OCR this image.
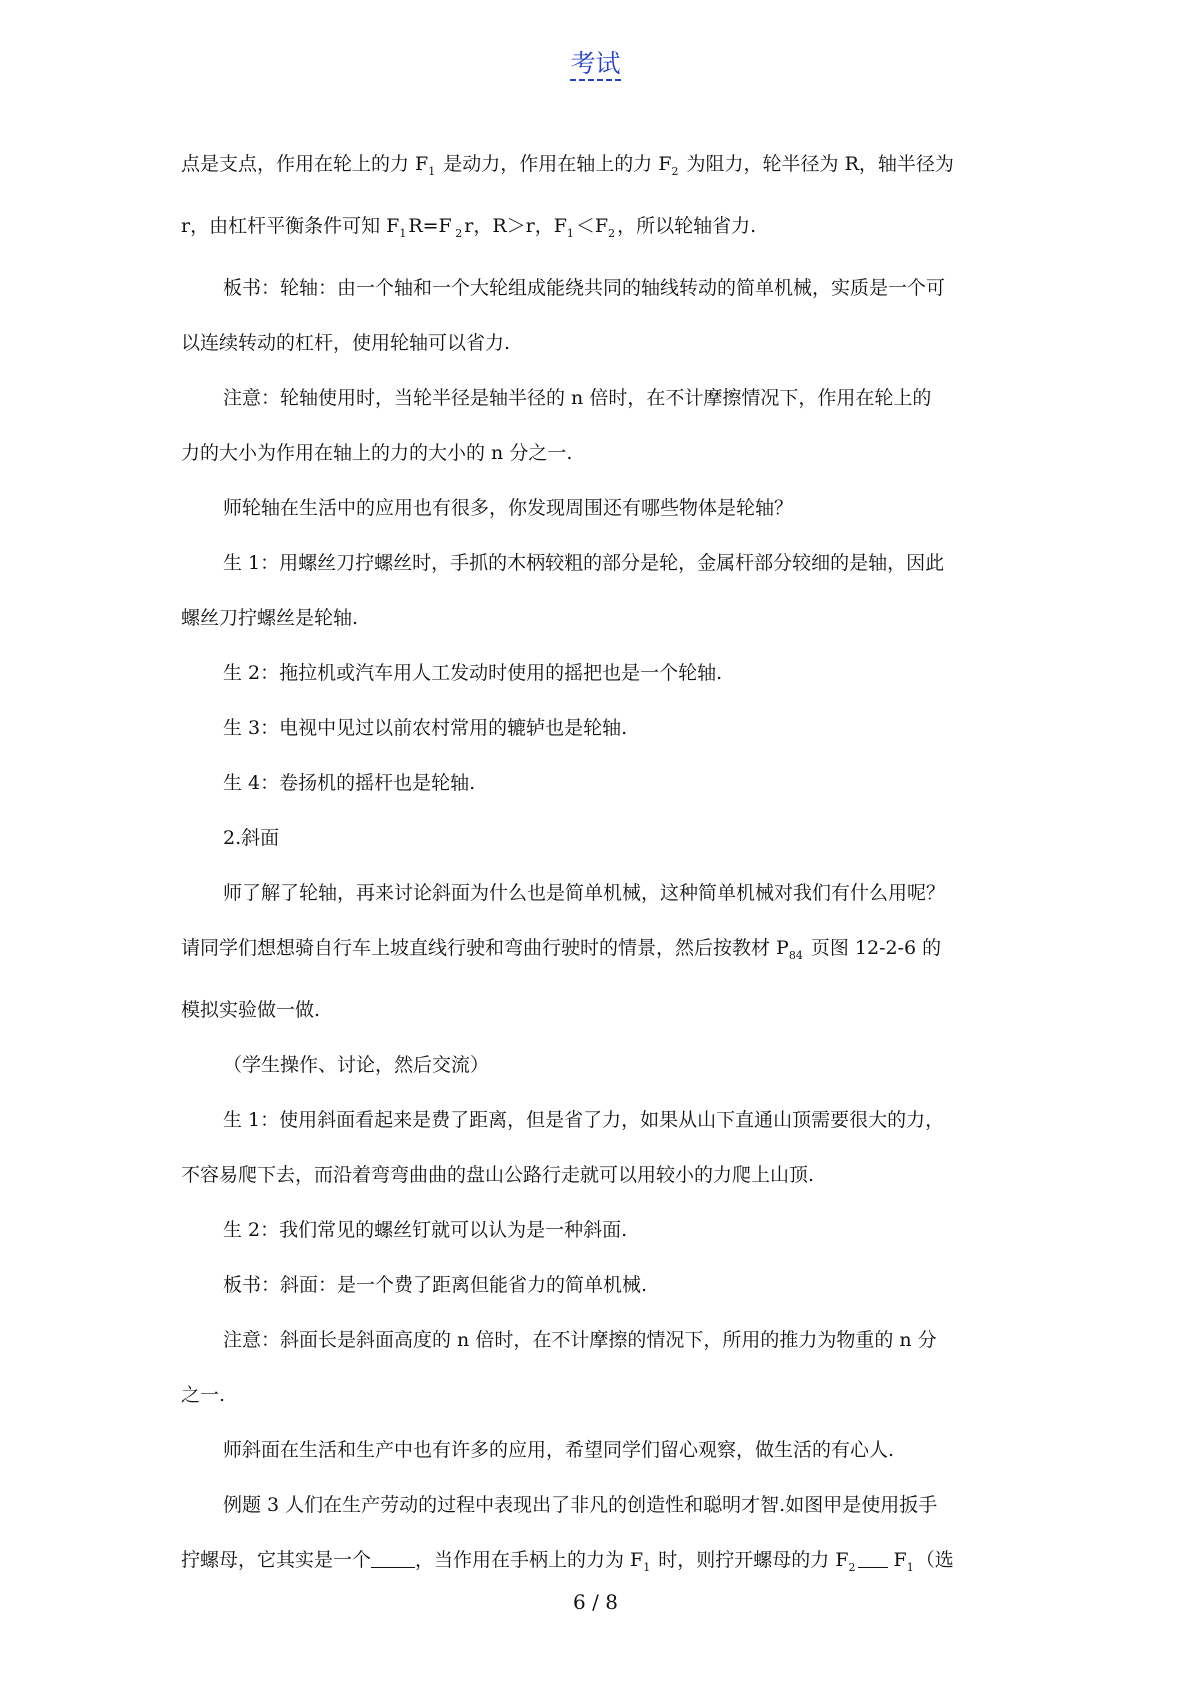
考试

点是支点，作用在轮上的力 $F_1$ 是动力，作用在轴上的力 $F_2$ 为阻力，轮半径为 R，轴半径为

r，由杠杆平衡条件可知 $F_1$ R=F $_2$ r，R＞r，$F_1 <F_2$ ，所以轮轴省力.

板书：轮轴：由一个轴和一个大轮组成能绕共同的轴线转动的简单机械，实质是一个可

以连续转动的杠杆，使用轮轴可以省力.

注意：轮轴使用时，当轮半径是轴半径的 n 倍时，在不计摩擦情况下，作用在轮上的

力的大小为作用在轴上的力的大小的 n 分之一.

师轮轴在生活中的应用也有很多，你发现周围还有哪些物体是轮轴？

生 1：用螺丝刀拧螺丝时，手抓的木柄较粗的部分是轮，金属杆部分较细的是轴，因此

螺丝刀拧螺丝是轮轴.

生 2：拖拉机或汽车用人工发动时使用的摇把也是一个轮轴.

生 3：电视中见过以前农村常用的辘轳也是轮轴.

生 4：卷扬机的摇杆也是轮轴.

2.斜面

师了解了轮轴，再来讨论斜面为什么也是简单机械，这种简单机械对我们有什么用呢？

请同学们想想骑自行车上坡直线行驶和弯曲行驶时的情景，然后按教材 $P_{84}$ 页图 12-2-6 的

模拟实验做一做.

（学生操作、讨论，然后交流）

生 1：使用斜面看起来是费了距离，但是省了力，如果从山下直通山顶需要很大的力，

不容易爬下去，而沿着弯弯曲曲的盘山公路行走就可以用较小的力爬上山顶.

生 2：我们常见的螺丝钉就可以认为是一种斜面.

板书：斜面：是一个费了距离但能省力的简单机械.

注意：斜面长是斜面高度的 n 倍时，在不计摩擦的情况下，所用的推力为物重的 n 分

之一.

师斜面在生活和生产中也有许多的应用，希望同学们留心观察，做生活的有心人.

例题 3 人们在生产劳动的过程中表现出了非凡的创造性和聪明才智.如图甲是使用扳手

拧螺母，它其实是一个 ，当作用在手柄上的力为 $F_1$ 时，则拧开螺母的力 $F_2$ $F_1$ （选

6 / 8
